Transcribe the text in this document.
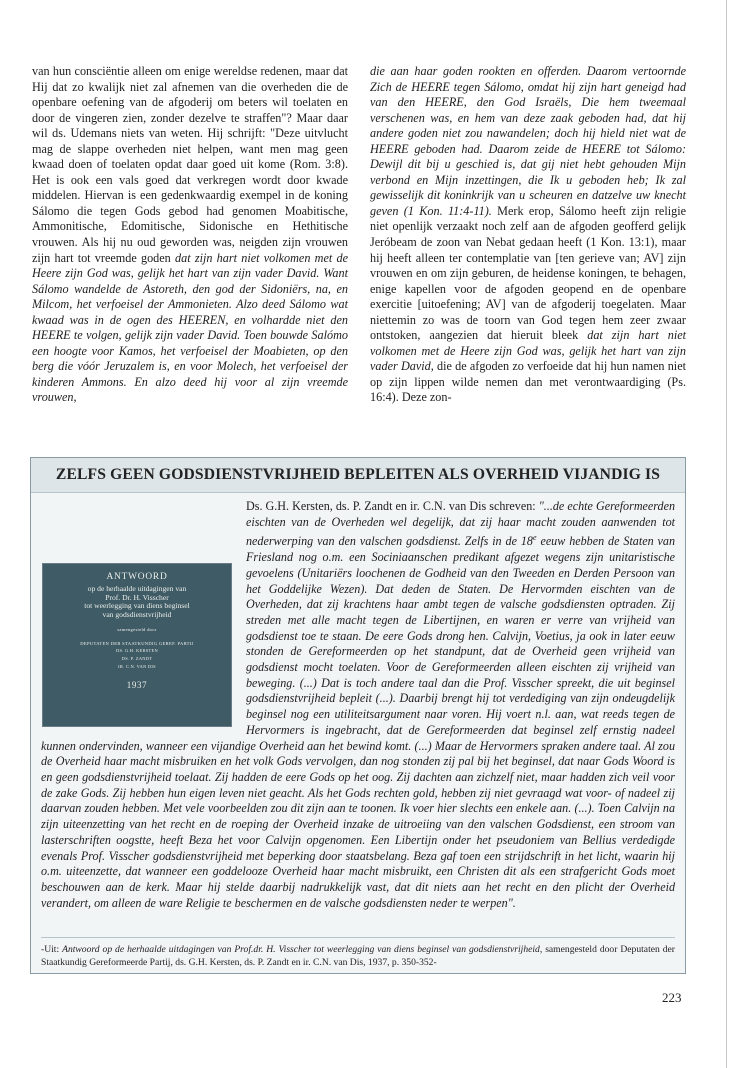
van hun consciëntie alleen om enige wereldse redenen, maar dat Hij dat zo kwalijk niet zal afnemen van die overheden die de openbare oefening van de afgoderij om beters wil toelaten en door de vingeren zien, zonder dezelve te straffen"? Maar daar wil ds. Udemans niets van weten. Hij schrijft: "Deze uitvlucht mag de slappe overheden niet helpen, want men mag geen kwaad doen of toelaten opdat daar goed uit kome (Rom. 3:8). Het is ook een vals goed dat verkregen wordt door kwade middelen. Hiervan is een gedenkwaardig exempel in de koning Sálomo die tegen Gods gebod had genomen Moabitische, Ammonitische, Edomitische, Sidonische en Hethitische vrouwen. Als hij nu oud geworden was, neigden zijn vrouwen zijn hart tot vreemde goden dat zijn hart niet volkomen met de Heere zijn God was, gelijk het hart van zijn vader David. Want Sálomo wandelde de Astoreth, den god der Sidoniërs, na, en Milcom, het verfoeisel der Ammonieten. Alzo deed Sálomo wat kwaad was in de ogen des HEEREN, en volhardde niet den HEERE te volgen, gelijk zijn vader David. Toen bouwde Salómo een hoogte voor Kamos, het verfoeisel der Moabieten, op den berg die vóór Jeruzalem is, en voor Molech, het verfoeisel der kinderen Ammons. En alzo deed hij voor al zijn vreemde vrouwen,
die aan haar goden rookten en offerden. Daarom vertoornde Zich de HEERE tegen Sálomo, omdat hij zijn hart geneigd had van den HEERE, den God Israëls, Die hem tweemaal verschenen was, en hem van deze zaak geboden had, dat hij andere goden niet zou nawandelen; doch hij hield niet wat de HEERE geboden had. Daarom zeide de HEERE tot Sálomo: Dewijl dit bij u geschied is, dat gij niet hebt gehouden Mijn verbond en Mijn inzettingen, die Ik u geboden heb; Ik zal gewisselijk dit koninkrijk van u scheuren en datzelve uw knecht geven (1 Kon. 11:4-11). Merk erop, Sálomo heeft zijn religie niet openlijk verzaakt noch zelf aan de afgoden geofferd gelijk Jeróbeam de zoon van Nebat gedaan heeft (1 Kon. 13:1), maar hij heeft alleen ter contemplatie van [ten gerieve van; AV] zijn vrouwen en om zijn geburen, de heidense koningen, te behagen, enige kapellen voor de afgoden geopend en de openbare exercitie [uitoefening; AV] van de afgoderij toegelaten. Maar niettemin zo was de toorn van God tegen hem zeer zwaar ontstoken, aangezien dat hieruit bleek dat zijn hart niet volkomen met de Heere zijn God was, gelijk het hart van zijn vader David, die de afgoden zo verfoeide dat hij hun namen niet op zijn lippen wilde nemen dan met verontwaardiging (Ps. 16:4). Deze zon-
ZELFS GEEN GODSDIENSTVRIJHEID BEPLEITEN ALS OVERHEID VIJANDIG IS
ANTWOORD
op de herhaalde uitdagingen van
Prof. Dr. H. Visscher
tot weerlegging van diens beginsel
van godsdienstvrijheid
samengesteld door
DEPUTATEN DER STAATKUNDIG GEREF. PARTIJ
DS. G.H. KERSTEN
DS. P. ZANDT
IR. C.N. VAN DIS
1937
Ds. G.H. Kersten, ds. P. Zandt en ir. C.N. van Dis schreven: "...de echte Gereformeerden eischten van de Overheden wel degelijk, dat zij haar macht zouden aanwenden tot nederwerping van den valschen godsdienst. Zelfs in de 18e eeuw hebben de Staten van Friesland nog o.m. een Sociniaanschen predikant afgezet wegens zijn unitaristische gevoelens (Unitariërs loochenen de Godheid van den Tweeden en Derden Persoon van het Goddelijke Wezen). Dat deden de Staten. De Hervormden eischten van de Overheden, dat zij krachtens haar ambt tegen de valsche godsdiensten optraden. Zij streden met alle macht tegen de Libertijnen, en waren er verre van vrijheid van godsdienst toe te staan. De eere Gods drong hen. Calvijn, Voetius, ja ook in later eeuw stonden de Gereformeerden op het standpunt, dat de Overheid geen vrijheid van godsdienst mocht toelaten. Voor de Gereformeerden alleen eischten zij vrijheid van beweging. (...) Dat is toch andere taal dan die Prof. Visscher spreekt, die uit beginsel godsdienstvrijheid bepleit (...). Daarbij brengt hij tot verdediging van zijn ondeugdelijk beginsel nog een utiliteitsargument naar voren. Hij voert n.l. aan, wat reeds tegen de Hervormers is ingebracht, dat de Gereformeerden dat beginsel zelf ernstig nadeel kunnen ondervinden, wanneer een vijandige Overheid aan het bewind komt. (...) Maar de Hervormers spraken andere taal. Al zou de Overheid haar macht misbruiken en het volk Gods vervolgen, dan nog stonden zij pal bij het beginsel, dat naar Gods Woord is en geen godsdienstvrijheid toelaat. Zij hadden de eere Gods op het oog. Zij dachten aan zichzelf niet, maar hadden zich veil voor de zake Gods. Zij hebben hun eigen leven niet geacht. Als het Gods rechten gold, hebben zij niet gevraagd wat voor- of nadeel zij daarvan zouden hebben. Met vele voorbeelden zou dit zijn aan te toonen. Ik voer hier slechts een enkele aan. (...). Toen Calvijn na zijn uiteenzetting van het recht en de roeping der Overheid inzake de uitroeiing van den valschen Godsdienst, een stroom van lasterschriften oogstte, heeft Beza het voor Calvijn opgenomen. Een Libertijn onder het pseudoniem van Bellius verdedigde evenals Prof. Visscher godsdienstvrijheid met beperking door staatsbelang. Beza gaf toen een strijdschrift in het licht, waarin hij o.m. uiteenzette, dat wanneer een goddelooze Overheid haar macht misbruikt, een Christen dit als een strafgericht Gods moet beschouwen aan de kerk. Maar hij stelde daarbij nadrukkelijk vast, dat dit niets aan het recht en den plicht der Overheid verandert, om alleen de ware Religie te beschermen en de valsche godsdiensten neder te werpen".
-Uit: Antwoord op de herhaalde uitdagingen van Prof.dr. H. Visscher tot weerlegging van diens beginsel van godsdienstvrijheid, samengesteld door Deputaten der Staatkundig Gereformeerde Partij, ds. G.H. Kersten, ds. P. Zandt en ir. C.N. van Dis, 1937, p. 350-352-
223
